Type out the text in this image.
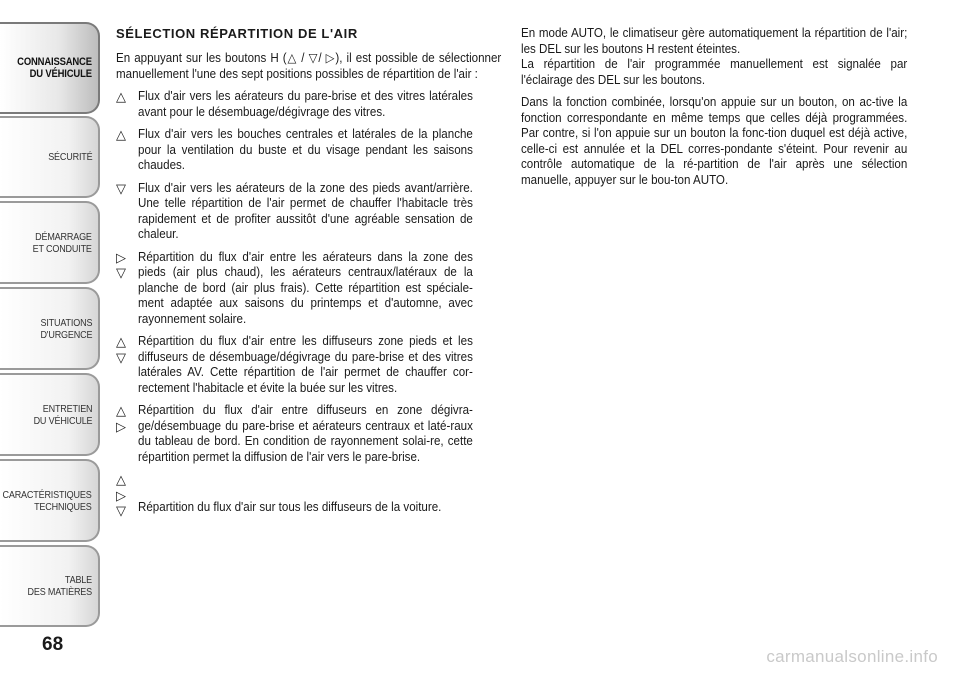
CONNAISSANCE
DU VÉHICULE
SÉCURITÉ
DÉMARRAGE
ET CONDUITE
SITUATIONS
D'URGENCE
ENTRETIEN
DU VÉHICULE
CARACTÉRISTIQUES
TECHNIQUES
TABLE
DES MATIÈRES
68
SÉLECTION RÉPARTITION DE L'AIR

En appuyant sur les boutons H (△ / ▽/ ▷), il est possible de sélectionner manuellement l'une des sept positions possibles de répartition de l'air :

△ Flux d'air vers les aérateurs du pare-brise et des vitres latérales avant pour le désembuage/dégivrage des vitres.
△ Flux d'air vers les bouches centrales et latérales de la planche pour la ventilation du buste et du visage pendant les saisons chaudes.
▽ Flux d'air vers les aérateurs de la zone des pieds avant/arrière. Une telle répartition de l'air permet de chauffer l'habitacle très rapidement et de profiter aussitôt d'une agréable sensation de chaleur.
▷
▽
Répartition du flux d'air entre les aérateurs dans la zone des pieds (air plus chaud), les aérateurs centraux/latéraux de la planche de bord (air plus frais). Cette répartition est spéciale-ment adaptée aux saisons du printemps et d'automne, avec rayonnement solaire.
△
▽
Répartition du flux d'air entre les diffuseurs zone pieds et les diffuseurs de désembuage/dégivrage du pare-brise et des vitres latérales AV. Cette répartition de l'air permet de chauffer cor-rectement l'habitacle et évite la buée sur les vitres.
△
▷
Répartition du flux d'air entre diffuseurs en zone dégivra-ge/désembuage du pare-brise et aérateurs centraux et laté-raux du tableau de bord. En condition de rayonnement solai-re, cette répartition permet la diffusion de l'air vers le pare-brise.
△
▷
▽ Répartition du flux d'air sur tous les diffuseurs de la voiture.

En mode AUTO, le climatiseur gère automatiquement la répartition de l'air; les DEL sur les boutons H restent éteintes.
La répartition de l'air programmée manuellement est signalée par l'éclairage des DEL sur les boutons.

Dans la fonction combinée, lorsqu'on appuie sur un bouton, on ac-tive la fonction correspondante en même temps que celles déjà programmées. Par contre, si l'on appuie sur un bouton la fonc-tion duquel est déjà active, celle-ci est annulée et la DEL corres-pondante s'éteint. Pour revenir au contrôle automatique de la ré-partition de l'air après une sélection manuelle, appuyer sur le bou-ton AUTO.

carmanualsonline.info
